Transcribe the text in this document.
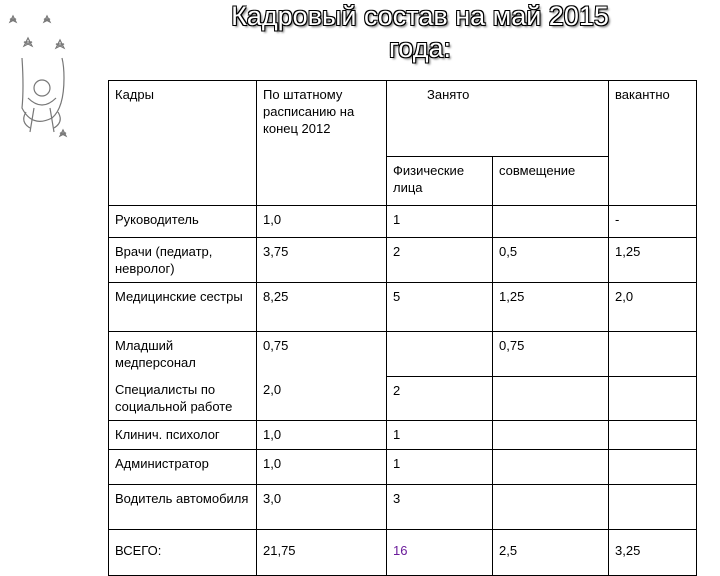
Кадровый состав на май 2015
года:
Кадры	По штатному расписанию на конец 2012	Занято		вакантно
		Физические лица	совмещение	
Руководитель	1,0	1		-
Врачи (педиатр, невролог)	3,75	2	0,5	1,25
Медицинские сестры	8,25	5	1,25	2,0
Младший медперсонал	0,75		0,75	
Специалисты по социальной работе	2,0	2		
Клинич. психолог	1,0	1		
Администратор	1,0	1		
Водитель автомобиля	3,0	3		
ВСЕГО:	21,75	16	2,5	3,25
